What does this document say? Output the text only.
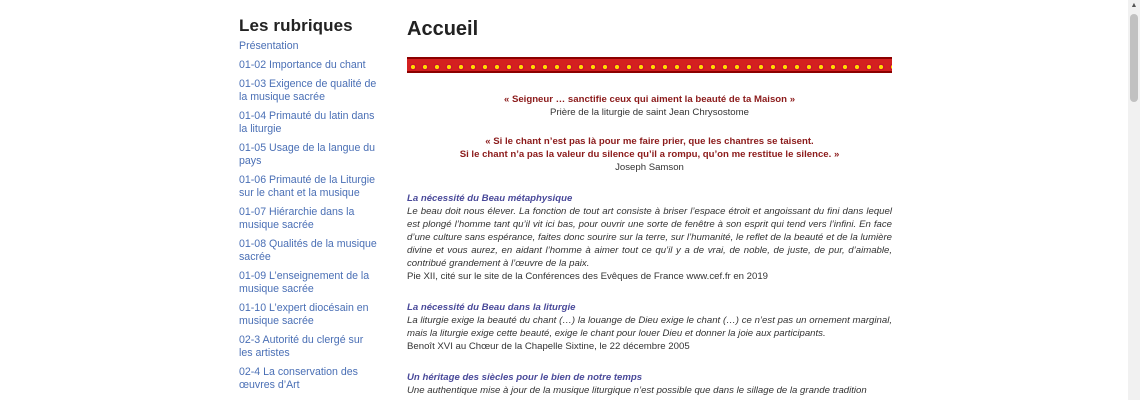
Les rubriques
Présentation
01-02 Importance du chant
01-03 Exigence de qualité de la musique sacrée
01-04 Primauté du latin dans la liturgie
01-05 Usage de la langue du pays
01-06 Primauté de la Liturgie sur le chant et la musique
01-07 Hiérarchie dans la musique sacrée
01-08 Qualités de la musique sacrée
01-09 L’enseignement de la musique sacrée
01-10 L’expert diocésain en musique sacrée
02-3 Autorité du clergé sur les artistes
02-4 La conservation des œuvres d’Art
Accueil
« Seigneur … sanctifie ceux qui aiment la beauté de ta Maison »
Prière de la liturgie de saint Jean Chrysostome
« Si le chant n’est pas là pour me faire prier, que les chantres se taisent.
Si le chant n’a pas la valeur du silence qu’il a rompu, qu’on me restitue le silence. »
Joseph Samson
La nécessité du Beau métaphysique
Le beau doit nous élever. La fonction de tout art consiste à briser l’espace étroit et angoissant du fini dans lequel est plongé l’homme tant qu’il vit ici bas, pour ouvrir une sorte de fenêtre à son esprit qui tend vers l’infini. En face d’une culture sans espérance, faites donc sourire sur la terre, sur l’humanité, le reflet de la beauté et de la lumière divine et vous aurez, en aidant l’homme à aimer tout ce qu’il y a de vrai, de noble, de juste, de pur, d’aimable, contribué grandement à l’œuvre de la paix.
Pie XII, cité sur le site de la Conférences des Evêques de France www.cef.fr en 2019
La nécessité du Beau dans la liturgie
La liturgie exige la beauté du chant (…) la louange de Dieu exige le chant (…) ce n’est pas un ornement marginal, mais la liturgie exige cette beauté, exige le chant pour louer Dieu et donner la joie aux participants.
Benoît XVI au Chœur de la Chapelle Sixtine, le 22 décembre 2005
Un héritage des siècles pour le bien de notre temps
Une authentique mise à jour de la musique liturgique n’est possible que dans le sillage de la grande tradition
▲
